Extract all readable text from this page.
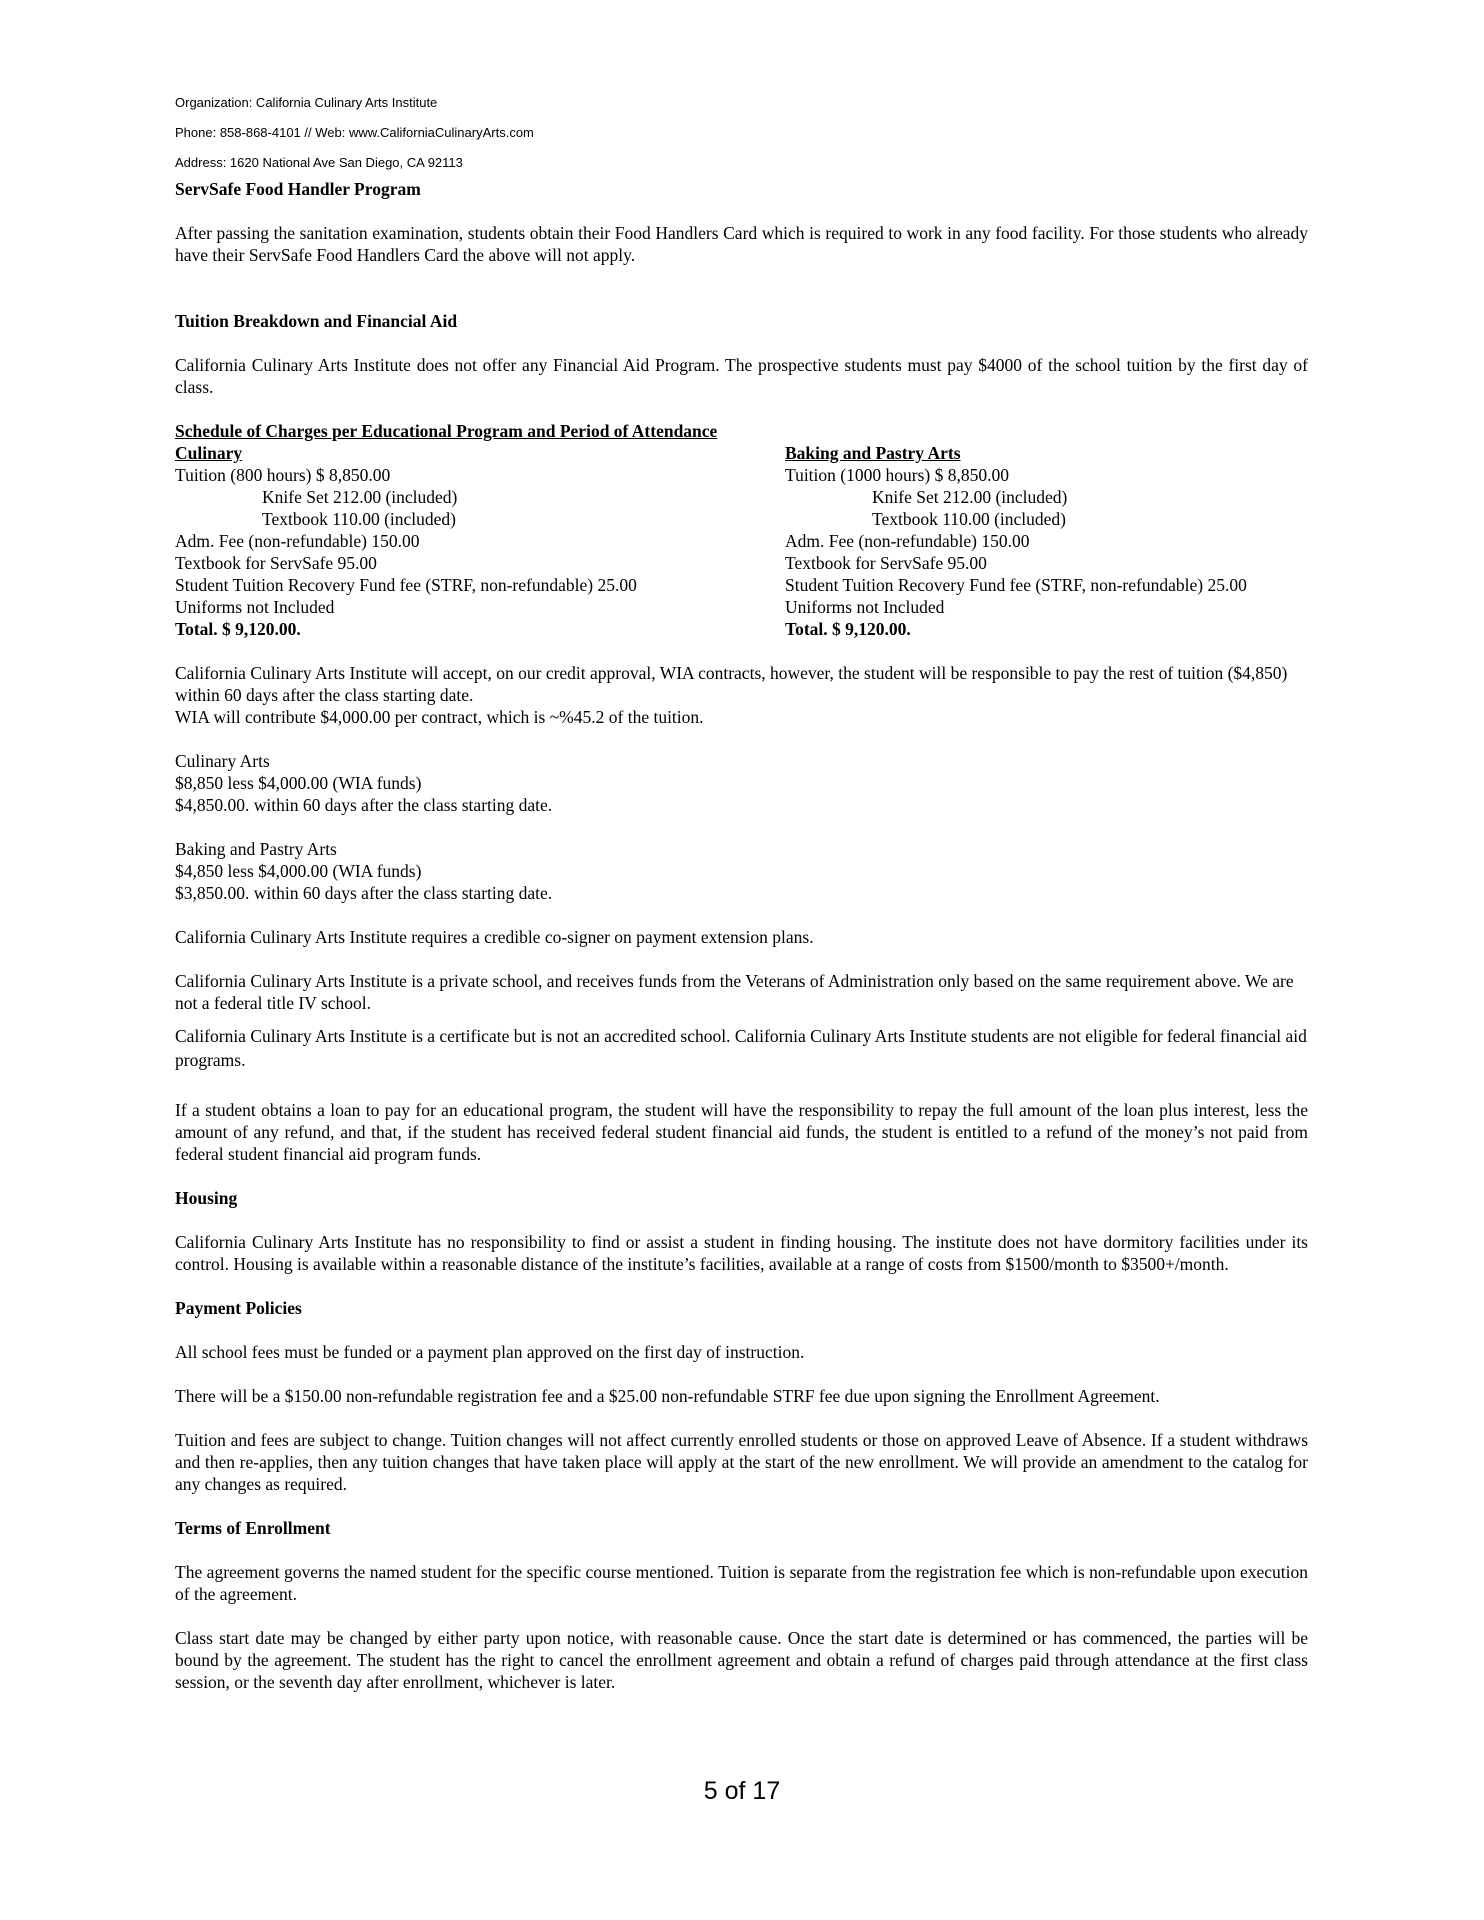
Organization: California Culinary Arts Institute
Phone: 858-868-4101 // Web: www.CaliforniaCulinaryArts.com
Address: 1620 National Ave San Diego, CA 92113

ServSafe Food Handler Program

After passing the sanitation examination, students obtain their Food Handlers Card which is required to work in any food facility. For those students who already have their ServSafe Food Handlers Card the above will not apply.

Tuition Breakdown and Financial Aid

California Culinary Arts Institute does not offer any Financial Aid Program. The prospective students must pay $4000 of the school tuition by the first day of class.

Schedule of Charges per Educational Program and Period of Attendance

Culinary
Tuition (800 hours) $ 8,850.00
Knife Set 212.00 (included)
Textbook 110.00 (included)
Adm. Fee (non-refundable) 150.00
Textbook for ServSafe 95.00
Student Tuition Recovery Fund fee (STRF, non-refundable) 25.00
Uniforms not Included
Total. $ 9,120.00.
Baking and Pastry Arts
Tuition (1000 hours) $ 8,850.00
Knife Set 212.00 (included)
Textbook 110.00 (included)
Adm. Fee (non-refundable) 150.00
Textbook for ServSafe 95.00
Student Tuition Recovery Fund fee (STRF, non-refundable) 25.00
Uniforms not Included
Total. $ 9,120.00.

California Culinary Arts Institute will accept, on our credit approval, WIA contracts, however, the student will be responsible to pay the rest of tuition ($4,850) within 60 days after the class starting date.

WIA will contribute $4,000.00 per contract, which is ~%45.2 of the tuition.

Culinary Arts

$8,850 less $4,000.00 (WIA funds)

$4,850.00. within 60 days after the class starting date.

Baking and Pastry Arts

$4,850 less $4,000.00 (WIA funds)

$3,850.00. within 60 days after the class starting date.

California Culinary Arts Institute requires a credible co-signer on payment extension plans.

California Culinary Arts Institute is a private school, and receives funds from the Veterans of Administration only based on the same requirement above. We are not a federal title IV school.

California Culinary Arts Institute is a certificate but is not an accredited school. California Culinary Arts Institute students are not eligible for federal financial aid programs.

If a student obtains a loan to pay for an educational program, the student will have the responsibility to repay the full amount of the loan plus interest, less the amount of any refund, and that, if the student has received federal student financial aid funds, the student is entitled to a refund of the money’s not paid from federal student financial aid program funds.

Housing

California Culinary Arts Institute has no responsibility to find or assist a student in finding housing. The institute does not have dormitory facilities under its control. Housing is available within a reasonable distance of the institute’s facilities, available at a range of costs from $1500/month to $3500+/month.

Payment Policies

All school fees must be funded or a payment plan approved on the first day of instruction.

There will be a $150.00 non-refundable registration fee and a $25.00 non-refundable STRF fee due upon signing the Enrollment Agreement.

Tuition and fees are subject to change. Tuition changes will not affect currently enrolled students or those on approved Leave of Absence. If a student withdraws and then re-applies, then any tuition changes that have taken place will apply at the start of the new enrollment. We will provide an amendment to the catalog for any changes as required.

Terms of Enrollment

The agreement governs the named student for the specific course mentioned. Tuition is separate from the registration fee which is non-refundable upon execution of the agreement.

Class start date may be changed by either party upon notice, with reasonable cause. Once the start date is determined or has commenced, the parties will be bound by the agreement. The student has the right to cancel the enrollment agreement and obtain a refund of charges paid through attendance at the first class session, or the seventh day after enrollment, whichever is later.

5 of 17
